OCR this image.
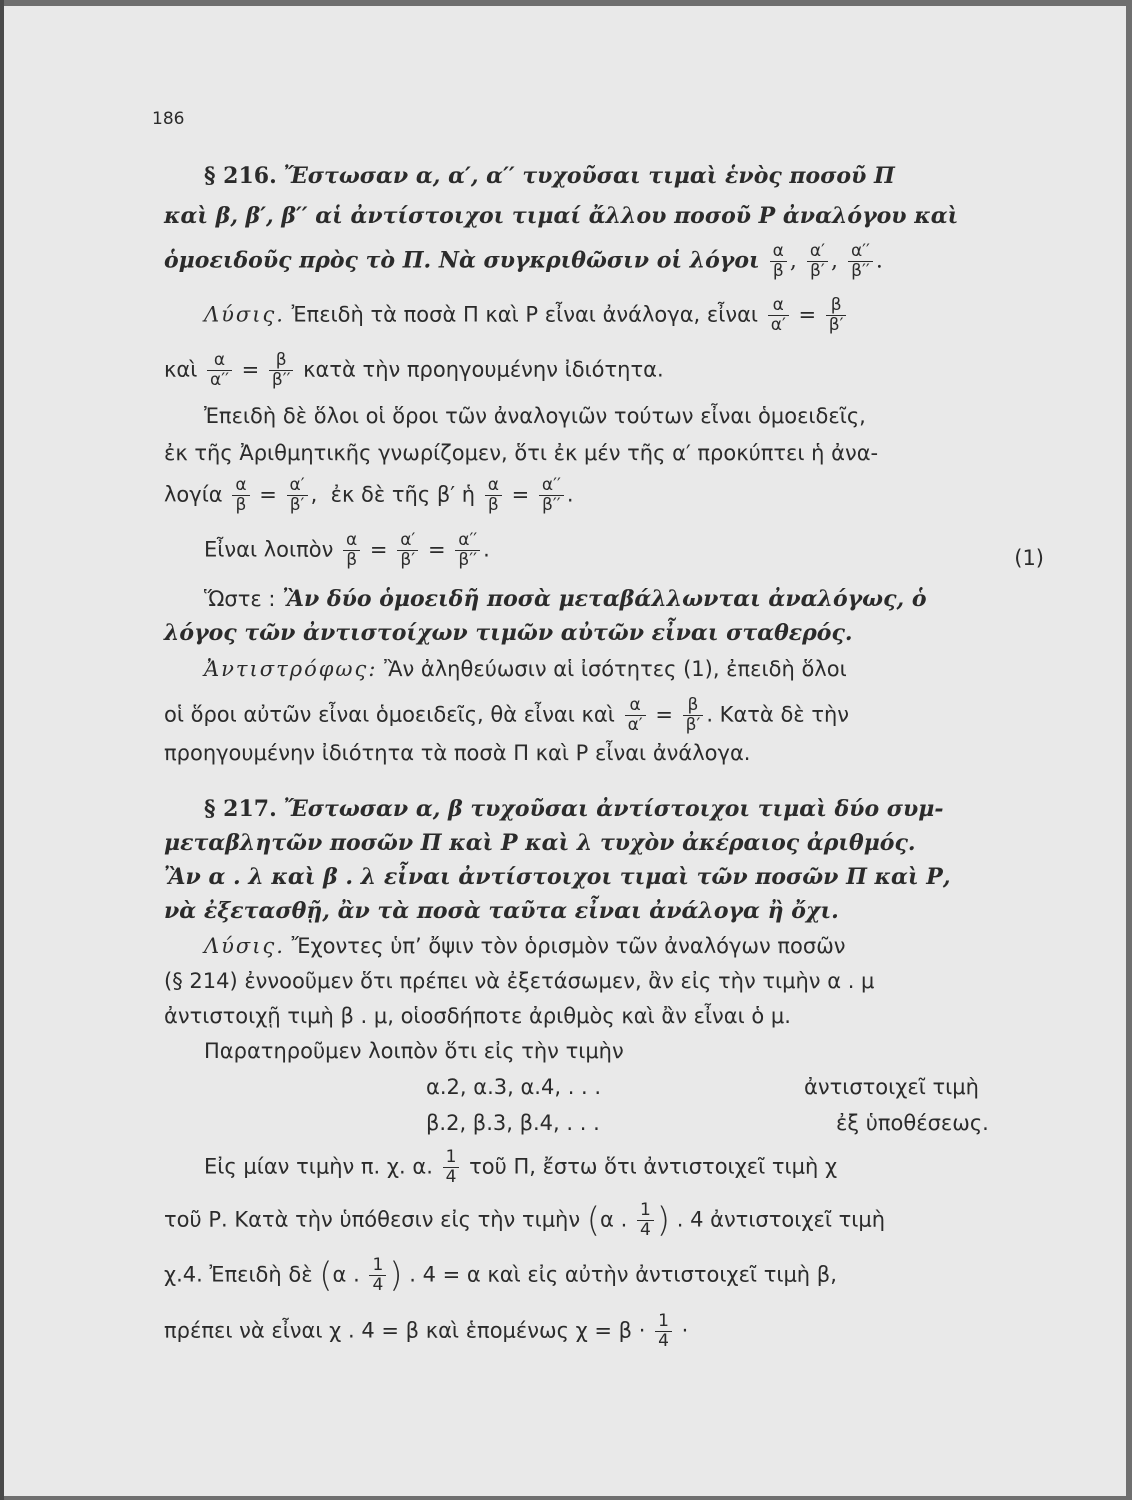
186
§ 216. Ἔστωσαν α, α′, α′′ τυχοῦσαι τιμαὶ ἑνὸς ποσοῦ Π
καὶ β, β′, β′′ αἱ ἀντίστοιχοι τιμαί ἄλλου ποσοῦ Ρ ἀναλόγου καὶ
ὁμοειδοῦς πρὸς τὸ Π. Νὰ συγκριθῶσιν οἱ λόγοι $\frac{\alpha}{\beta}$ , $\frac{\alpha'}{\beta'}$ , $\frac{\alpha''}{\beta''}$ .
Λύσις. Ἐπειδὴ τὰ ποσὰ Π καὶ Ρ εἶναι ἀνάλογα, εἶναι $\frac{\alpha}{\alpha'} = \frac{\beta}{\beta'}$
καὶ $\frac{\alpha}{\alpha''} = \frac{\beta}{\beta''}$ κατὰ τὴν προηγουμένην ἰδιότητα.
Ἐπειδὴ δὲ ὅλοι οἱ ὅροι τῶν ἀναλογιῶν τούτων εἶναι ὁμοειδεῖς,
ἐκ τῆς Ἀριθμητικῆς γνωρίζομεν, ὅτι ἐκ μέν τῆς α′ προκύπτει ἡ ἀνα-
λογία $\frac{\alpha}{\beta} = \frac{\alpha'}{\beta'}$ ,  ἐκ δὲ τῆς β′ ἡ $\frac{\alpha}{\beta} = \frac{\alpha''}{\beta''}$ .
Εἶναι λοιπὸν $\frac{\alpha}{\beta} = \frac{\alpha'}{\beta'} = \frac{\alpha''}{\beta''}$ .	(1)
Ὥστε : Ἂν δύο ὁμοειδῆ ποσὰ μεταβάλλωνται ἀναλόγως, ὁ
λόγος τῶν ἀντιστοίχων τιμῶν αὐτῶν εἶναι σταθερός.
Ἀντιστρόφως: Ἂν ἀληθεύωσιν αἱ ἰσότητες (1), ἐπειδὴ ὅλοι
οἱ ὅροι αὐτῶν εἶναι ὁμοειδεῖς, θὰ εἶναι καὶ $\frac{\alpha}{\alpha'} = \frac{\beta}{\beta'}$ . Κατὰ δὲ τὴν
προηγουμένην ἰδιότητα τὰ ποσὰ Π καὶ Ρ εἶναι ἀνάλογα.
§ 217. Ἔστωσαν α, β τυχοῦσαι ἀντίστοιχοι τιμαὶ δύο συμ-
μεταβλητῶν ποσῶν Π καὶ Ρ καὶ λ τυχὸν ἀκέραιος ἀριθμός.
Ἂν α . λ καὶ β . λ εἶναι ἀντίστοιχοι τιμαὶ τῶν ποσῶν Π καὶ Ρ,
νὰ ἐξετασθῇ, ἂν τὰ ποσὰ ταῦτα εἶναι ἀνάλογα ἢ ὄχι.
Λύσις. Ἔχοντες ὑπ’ ὄψιν τὸν ὁρισμὸν τῶν ἀναλόγων ποσῶν
(§ 214) ἐννοοῦμεν ὅτι πρέπει νὰ ἐξετάσωμεν, ἂν εἰς τὴν τιμὴν α . μ
ἀντιστοιχῇ τιμὴ β . μ, οἱοσδήποτε ἀριθμὸς καὶ ἂν εἶναι ὁ μ.
Παρατηροῦμεν λοιπὸν ὅτι εἰς τὴν τιμὴν
α.2, α.3, α.4, . . .	ἀντιστοιχεῖ τιμὴ
β.2, β.3, β.4, . . .	ἐξ ὑποθέσεως.
Εἰς μίαν τιμὴν π. χ. α. $\frac{1}{4}$ τοῦ Π, ἔστω ὅτι ἀντιστοιχεῖ τιμὴ χ
τοῦ Ρ. Κατὰ τὴν ὑπόθεσιν εἰς τὴν τιμὴν (α . $\frac{1}{4}$ ) . 4 ἀντιστοιχεῖ τιμὴ
χ.4. Ἐπειδὴ δὲ (α . $\frac{1}{4}$ ) . 4 = α καὶ εἰς αὐτὴν ἀντιστοιχεῖ τιμὴ β,
πρέπει νὰ εἶναι χ . 4 = β καὶ ἑπομένως $\chi = \beta \cdot \frac{1}{4}$ ·
